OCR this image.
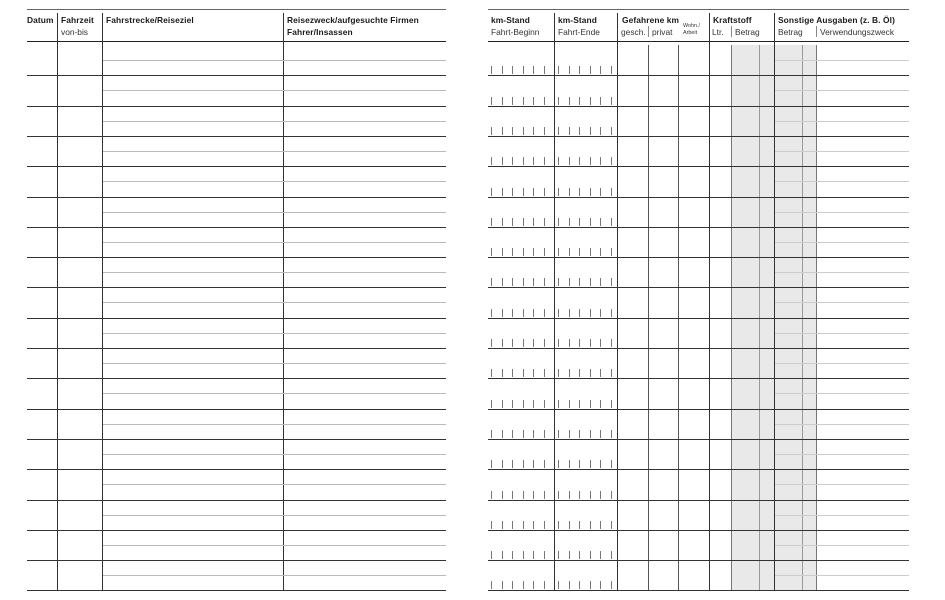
Datum Fahrzeit
von-bis
Fahrstrecke/Reiseziel	Reisezweck/aufgesuchte Firmen
Fahrer/Insassen
km-Stand
Fahrt-Beginn
km-Stand
Fahrt-Ende
Gefahrene km
gesch. privat
Wohn./
Arbeit
Kraftstoff
Ltr. Betrag
Sonstige Ausgaben (z. B. Öl)
Betrag Verwendungszweck
